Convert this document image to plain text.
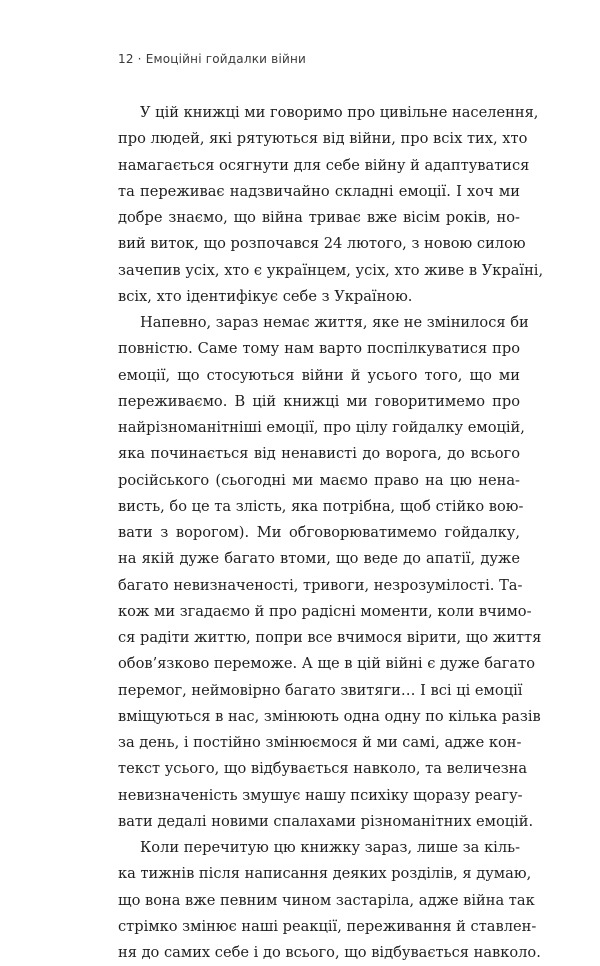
12 · Емоційні гойдалки війни
У цій книжці ми говоримо про цивільне населення,
про людей, які рятуються від війни, про всіх тих, хто
намагається осягнути для себе війну й адаптуватися
та переживає надзвичайно складні емоції. І хоч ми
добре знаємо, що війна триває вже вісім років, но-
вий виток, що розпочався 24 лютого, з новою силою
зачепив усіх, хто є українцем, усіх, хто живе в Україні,
всіх, хто ідентифікує себе з Україною.
Напевно, зараз немає життя, яке не змінилося би
повністю. Саме тому нам варто поспілкуватися про
емоції, що стосуються війни й усього того, що ми
переживаємо. В цій книжці ми говоритимемо про
найрізноманітніші емоції, про цілу гойдалку емоцій,
яка починається від ненависті до ворога, до всього
російського (сьогодні ми маємо право на цю нена-
висть, бо це та злість, яка потрібна, щоб стійко вою-
вати з ворогом). Ми обговорюватимемо гойдалку,
на якій дуже багато втоми, що веде до апатії, дуже
багато невизначеності, тривоги, незрозумілості. Та-
кож ми згадаємо й про радісні моменти, коли вчимо-
ся радіти життю, попри все вчимося вірити, що життя
обов’язково переможе. А ще в цій війні є дуже багато
перемог, неймовірно багато звитяги… І всі ці емоції
вміщуються в нас, змінюють одна одну по кілька разів
за день, і постійно змінюємося й ми самі, адже кон-
текст усього, що відбувається навколо, та величезна
невизначеність змушує нашу психіку щоразу реагу-
вати дедалі новими спалахами різноманітних емоцій.
Коли перечитую цю книжку зараз, лише за кіль-
ка тижнів після написання деяких розділів, я думаю,
що вона вже певним чином застаріла, адже війна так
стрімко змінює наші реакції, переживання й ставлен-
ня до самих себе і до всього, що відбувається навколо.
